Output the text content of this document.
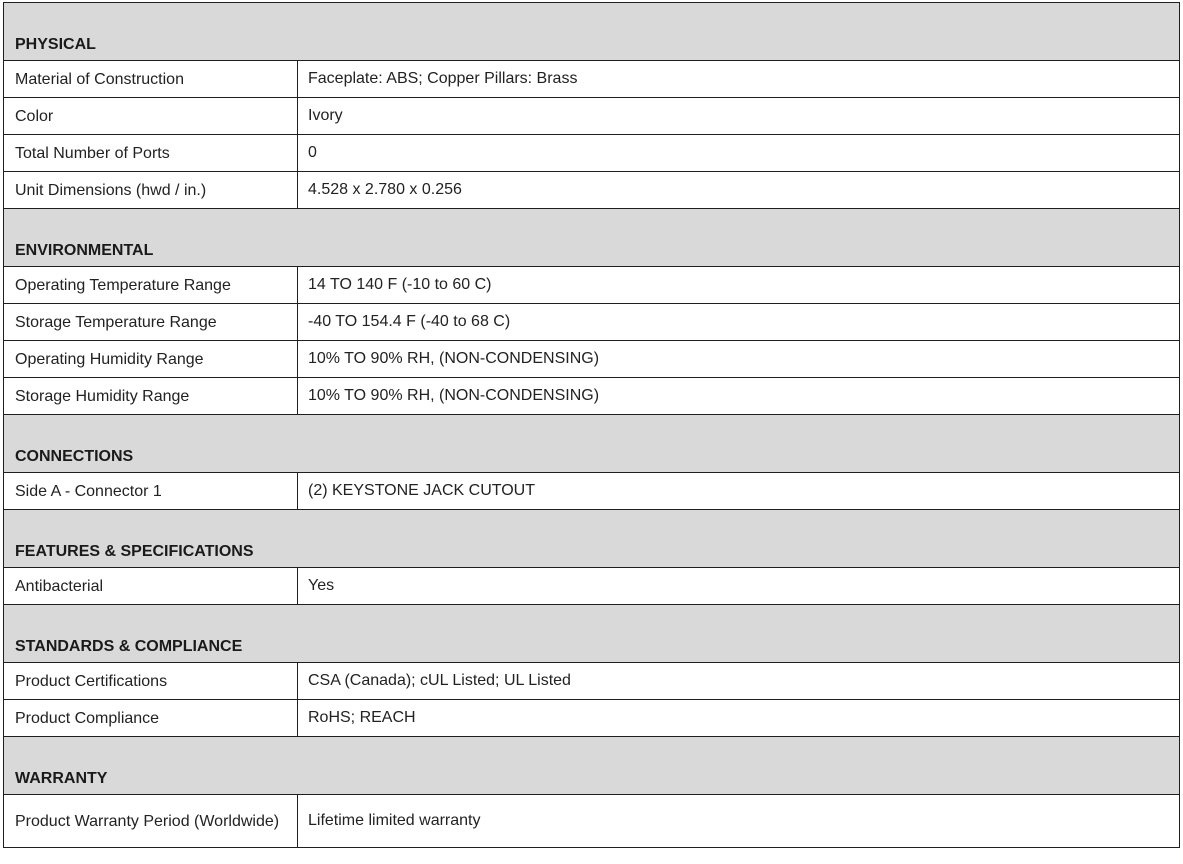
PHYSICAL	
Material of Construction	Faceplate: ABS; Copper Pillars: Brass
Color	Ivory
Total Number of Ports	0
Unit Dimensions (hwd / in.)	4.528 x 2.780 x 0.256
ENVIRONMENTAL	
Operating Temperature Range	14 TO 140 F (-10 to 60 C)
Storage Temperature Range	-40 TO 154.4 F (-40 to 68 C)
Operating Humidity Range	10% TO 90% RH, (NON-CONDENSING)
Storage Humidity Range	10% TO 90% RH, (NON-CONDENSING)
CONNECTIONS	
Side A - Connector 1	(2) KEYSTONE JACK CUTOUT
FEATURES & SPECIFICATIONS	
Antibacterial	Yes
STANDARDS & COMPLIANCE	
Product Certifications	CSA (Canada); cUL Listed; UL Listed
Product Compliance	RoHS; REACH
WARRANTY	
Product Warranty Period (Worldwide)	Lifetime limited warranty
